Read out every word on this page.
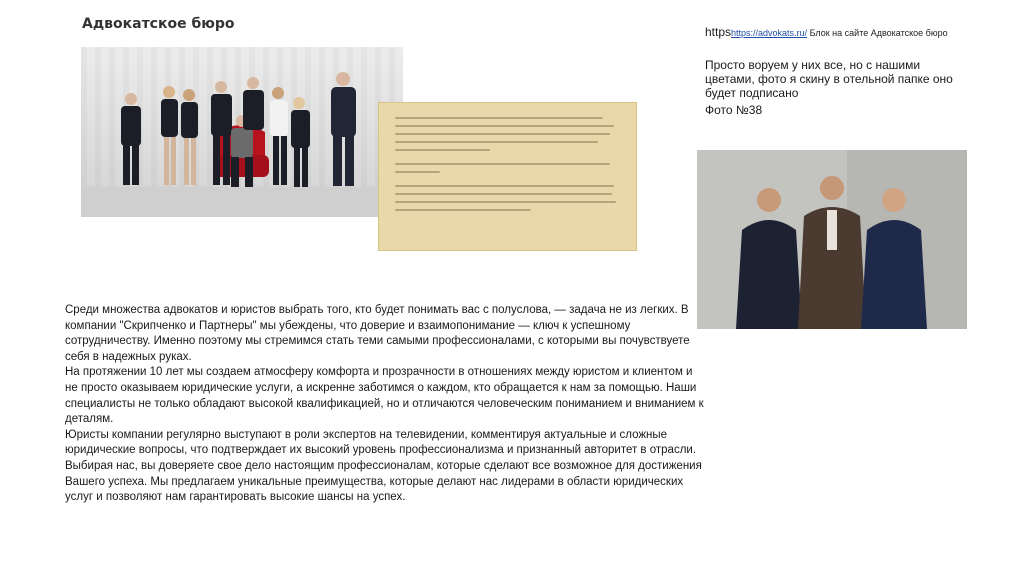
Адвокатское бюро	httpshttps://advokats.ru/ Блок на сайте Адвокатское бюро
Просто воруем у них все, но с нашими цветами, фото я скину в отельной папке оно будет подписано
Фото №38

Среди множества адвокатов и юристов выбрать того, кто будет понимать вас с полуслова, — задача не из легких. В компании "Скрипченко и Партнеры" мы убеждены, что доверие и взаимопонимание — ключ к успешному сотрудничеству. Именно поэтому мы стремимся стать теми самыми профессионалами, с которыми вы почувствуете себя в надежных руках.

На протяжении 10 лет мы создаем атмосферу комфорта и прозрачности в отношениях между юристом и клиентом и не просто оказываем юридические услуги, а искренне заботимся о каждом, кто обращается к нам за помощью. Наши специалисты не только обладают высокой квалификацией, но и отличаются человеческим пониманием и вниманием к деталям.

Юристы компании регулярно выступают в роли экспертов на телевидении, комментируя актуальные и сложные юридические вопросы, что подтверждает их высокий уровень профессионализма и признанный авторитет в отрасли.

Выбирая нас, вы доверяете свое дело настоящим профессионалам, которые сделают все возможное для достижения Вашего успеха. Мы предлагаем уникальные преимущества, которые делают нас лидерами в области юридических услуг и позволяют нам гарантировать высокие шансы на успех.
